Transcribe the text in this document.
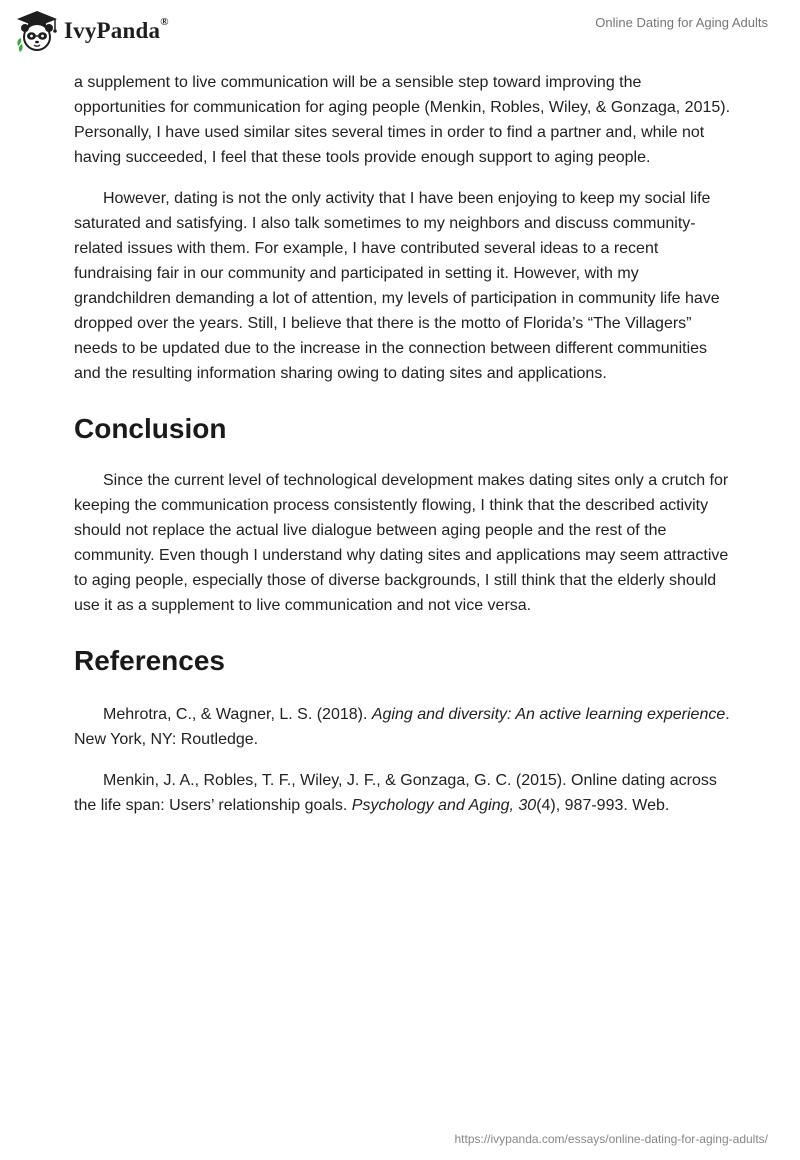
IvyPanda®	Online Dating for Aging Adults

a supplement to live communication will be a sensible step toward improving the opportunities for communication for aging people (Menkin, Robles, Wiley, & Gonzaga, 2015). Personally, I have used similar sites several times in order to find a partner and, while not having succeeded, I feel that these tools provide enough support to aging people.

However, dating is not the only activity that I have been enjoying to keep my social life saturated and satisfying. I also talk sometimes to my neighbors and discuss community-related issues with them. For example, I have contributed several ideas to a recent fundraising fair in our community and participated in setting it. However, with my grandchildren demanding a lot of attention, my levels of participation in community life have dropped over the years. Still, I believe that there is the motto of Florida’s “The Villagers” needs to be updated due to the increase in the connection between different communities and the resulting information sharing owing to dating sites and applications.

Conclusion

Since the current level of technological development makes dating sites only a crutch for keeping the communication process consistently flowing, I think that the described activity should not replace the actual live dialogue between aging people and the rest of the community. Even though I understand why dating sites and applications may seem attractive to aging people, especially those of diverse backgrounds, I still think that the elderly should use it as a supplement to live communication and not vice versa.

References

Mehrotra, C., & Wagner, L. S. (2018). Aging and diversity: An active learning experience. New York, NY: Routledge.

Menkin, J. A., Robles, T. F., Wiley, J. F., & Gonzaga, G. C. (2015). Online dating across the life span: Users’ relationship goals. Psychology and Aging, 30(4), 987-993. Web.

https://ivypanda.com/essays/online-dating-for-aging-adults/
